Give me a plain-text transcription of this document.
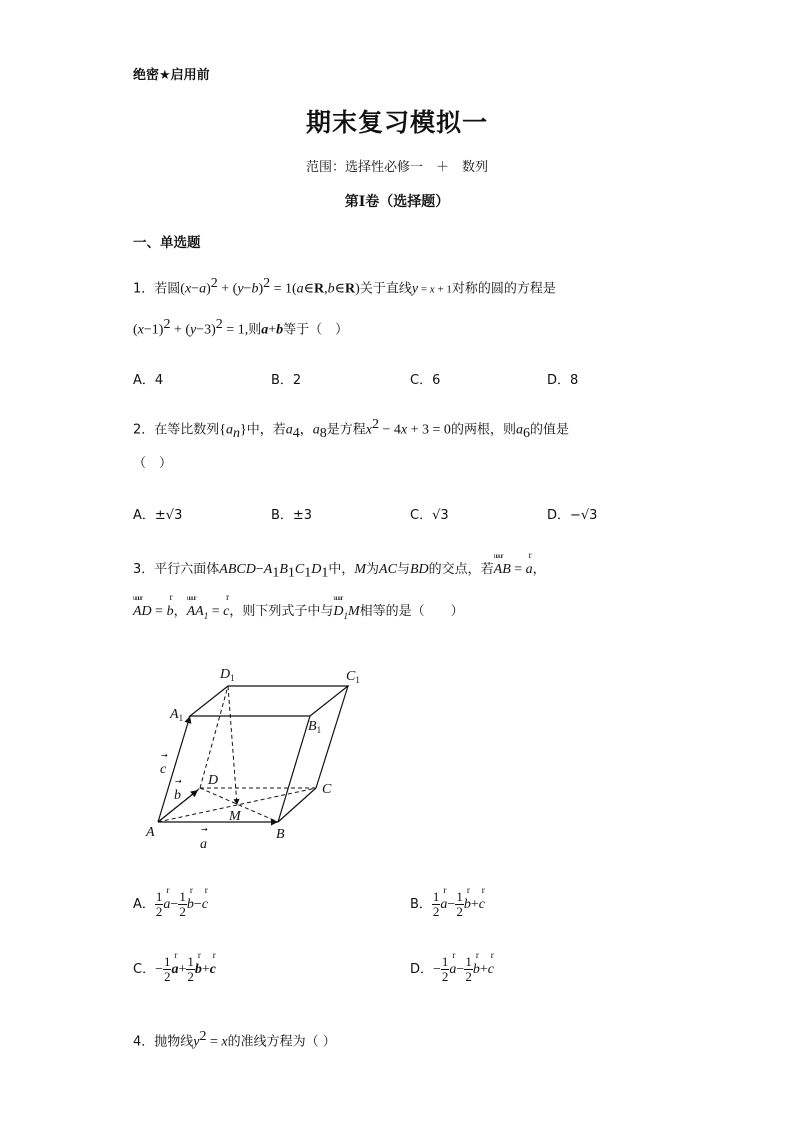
绝密★启用前
期末复习模拟一
范围：选择性必修一　＋　数列
第Ⅰ卷（选择题）
一、单选题
1．若圆$(x-a)^2 + (y-b)^2$ = 1(a∈R,b∈R)关于直线y = x + 1对称的圆的方程是
$(x-1)^2 + (y-3)^2 = 1$,则a+b等于（　）
A．4	B．2	C．6	D．8
2．在等比数列$\{a_n\}$中，若$a_4$，$a_8$是方程$x^2 - 4x + 3 = 0$的两根，则$a_6$的值是
（　）
A．±√3	B．±3	C．√3	D．−√3
3．平行六面体$ABCD-A_1B_1C_1D_1$中，M为AC与BD的交点，若uuur AB = r a，
uuur AD = r b，uuur $AA_1 = r$ c，则下列式子中与uuur $D_1M$相等的是（　　）
$D_1$	$C_1$
$A_1$
$B_1$
D
C
M
A	B
c
b
a
→
→
→
A． $\frac{1}{2}$ r $a- \frac{1}{2}$ r b−r c	B． $\frac{1}{2}$ r $a- \frac{1}{2}$ r b+r c
C．− $\frac{1}{2}$ r $a+ \frac{1}{2}$ r b+r c	D．− $\frac{1}{2}$ r $a- \frac{1}{2}$ r b+r c
4．抛物线$y^2 = x$的准线方程为（ ）
